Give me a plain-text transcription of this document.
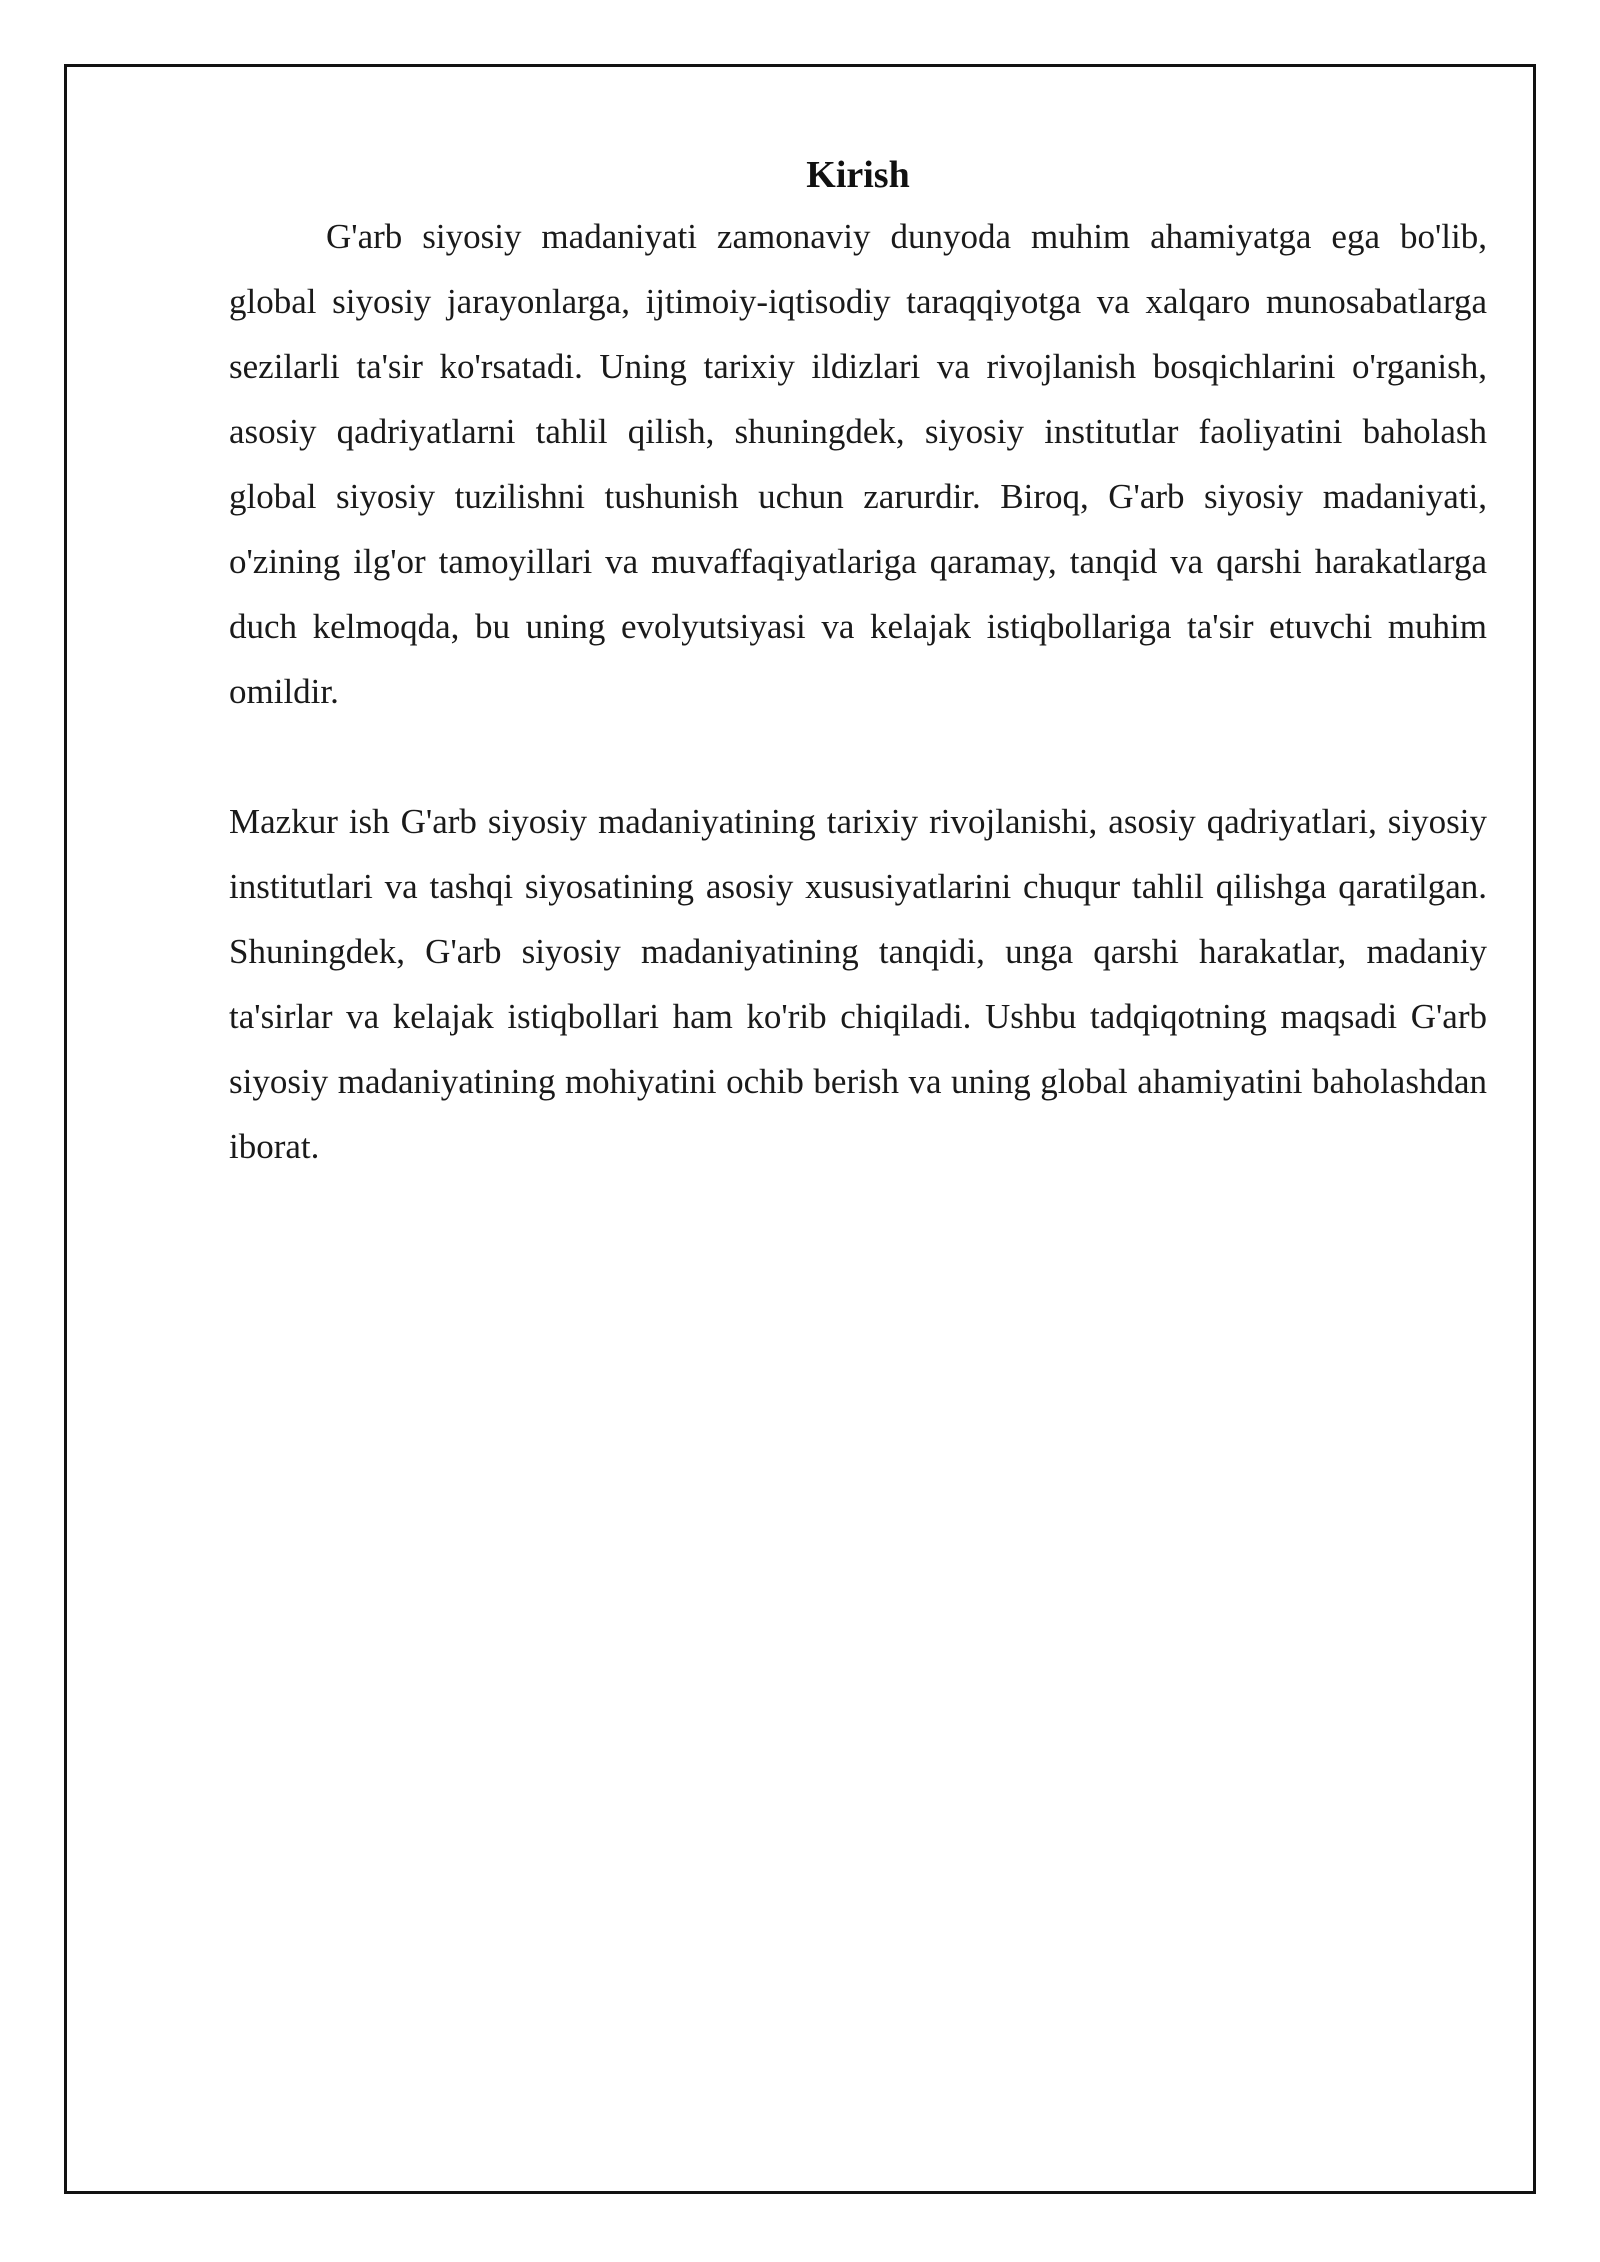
Kirish

G'arb siyosiy madaniyati zamonaviy dunyoda muhim ahamiyatga ega bo'lib, global siyosiy jarayonlarga, ijtimoiy-iqtisodiy taraqqiyotga va xalqaro munosabatlarga sezilarli ta'sir ko'rsatadi. Uning tarixiy ildizlari va rivojlanish bosqichlarini o'rganish, asosiy qadriyatlarni tahlil qilish, shuningdek, siyosiy institutlar faoliyatini baholash global siyosiy tuzilishni tushunish uchun zarurdir. Biroq, G'arb siyosiy madaniyati, o'zining ilg'or tamoyillari va muvaffaqiyatlariga qaramay, tanqid va qarshi harakatlarga duch kelmoqda, bu uning evolyutsiyasi va kelajak istiqbollariga ta'sir etuvchi muhim omildir.

Mazkur ish G'arb siyosiy madaniyatining tarixiy rivojlanishi, asosiy qadriyatlari, siyosiy institutlari va tashqi siyosatining asosiy xususiyatlarini chuqur tahlil qilishga qaratilgan. Shuningdek, G'arb siyosiy madaniyatining tanqidi, unga qarshi harakatlar, madaniy ta'sirlar va kelajak istiqbollari ham ko'rib chiqiladi. Ushbu tadqiqotning maqsadi G'arb siyosiy madaniyatining mohiyatini ochib berish va uning global ahamiyatini baholashdan iborat.
